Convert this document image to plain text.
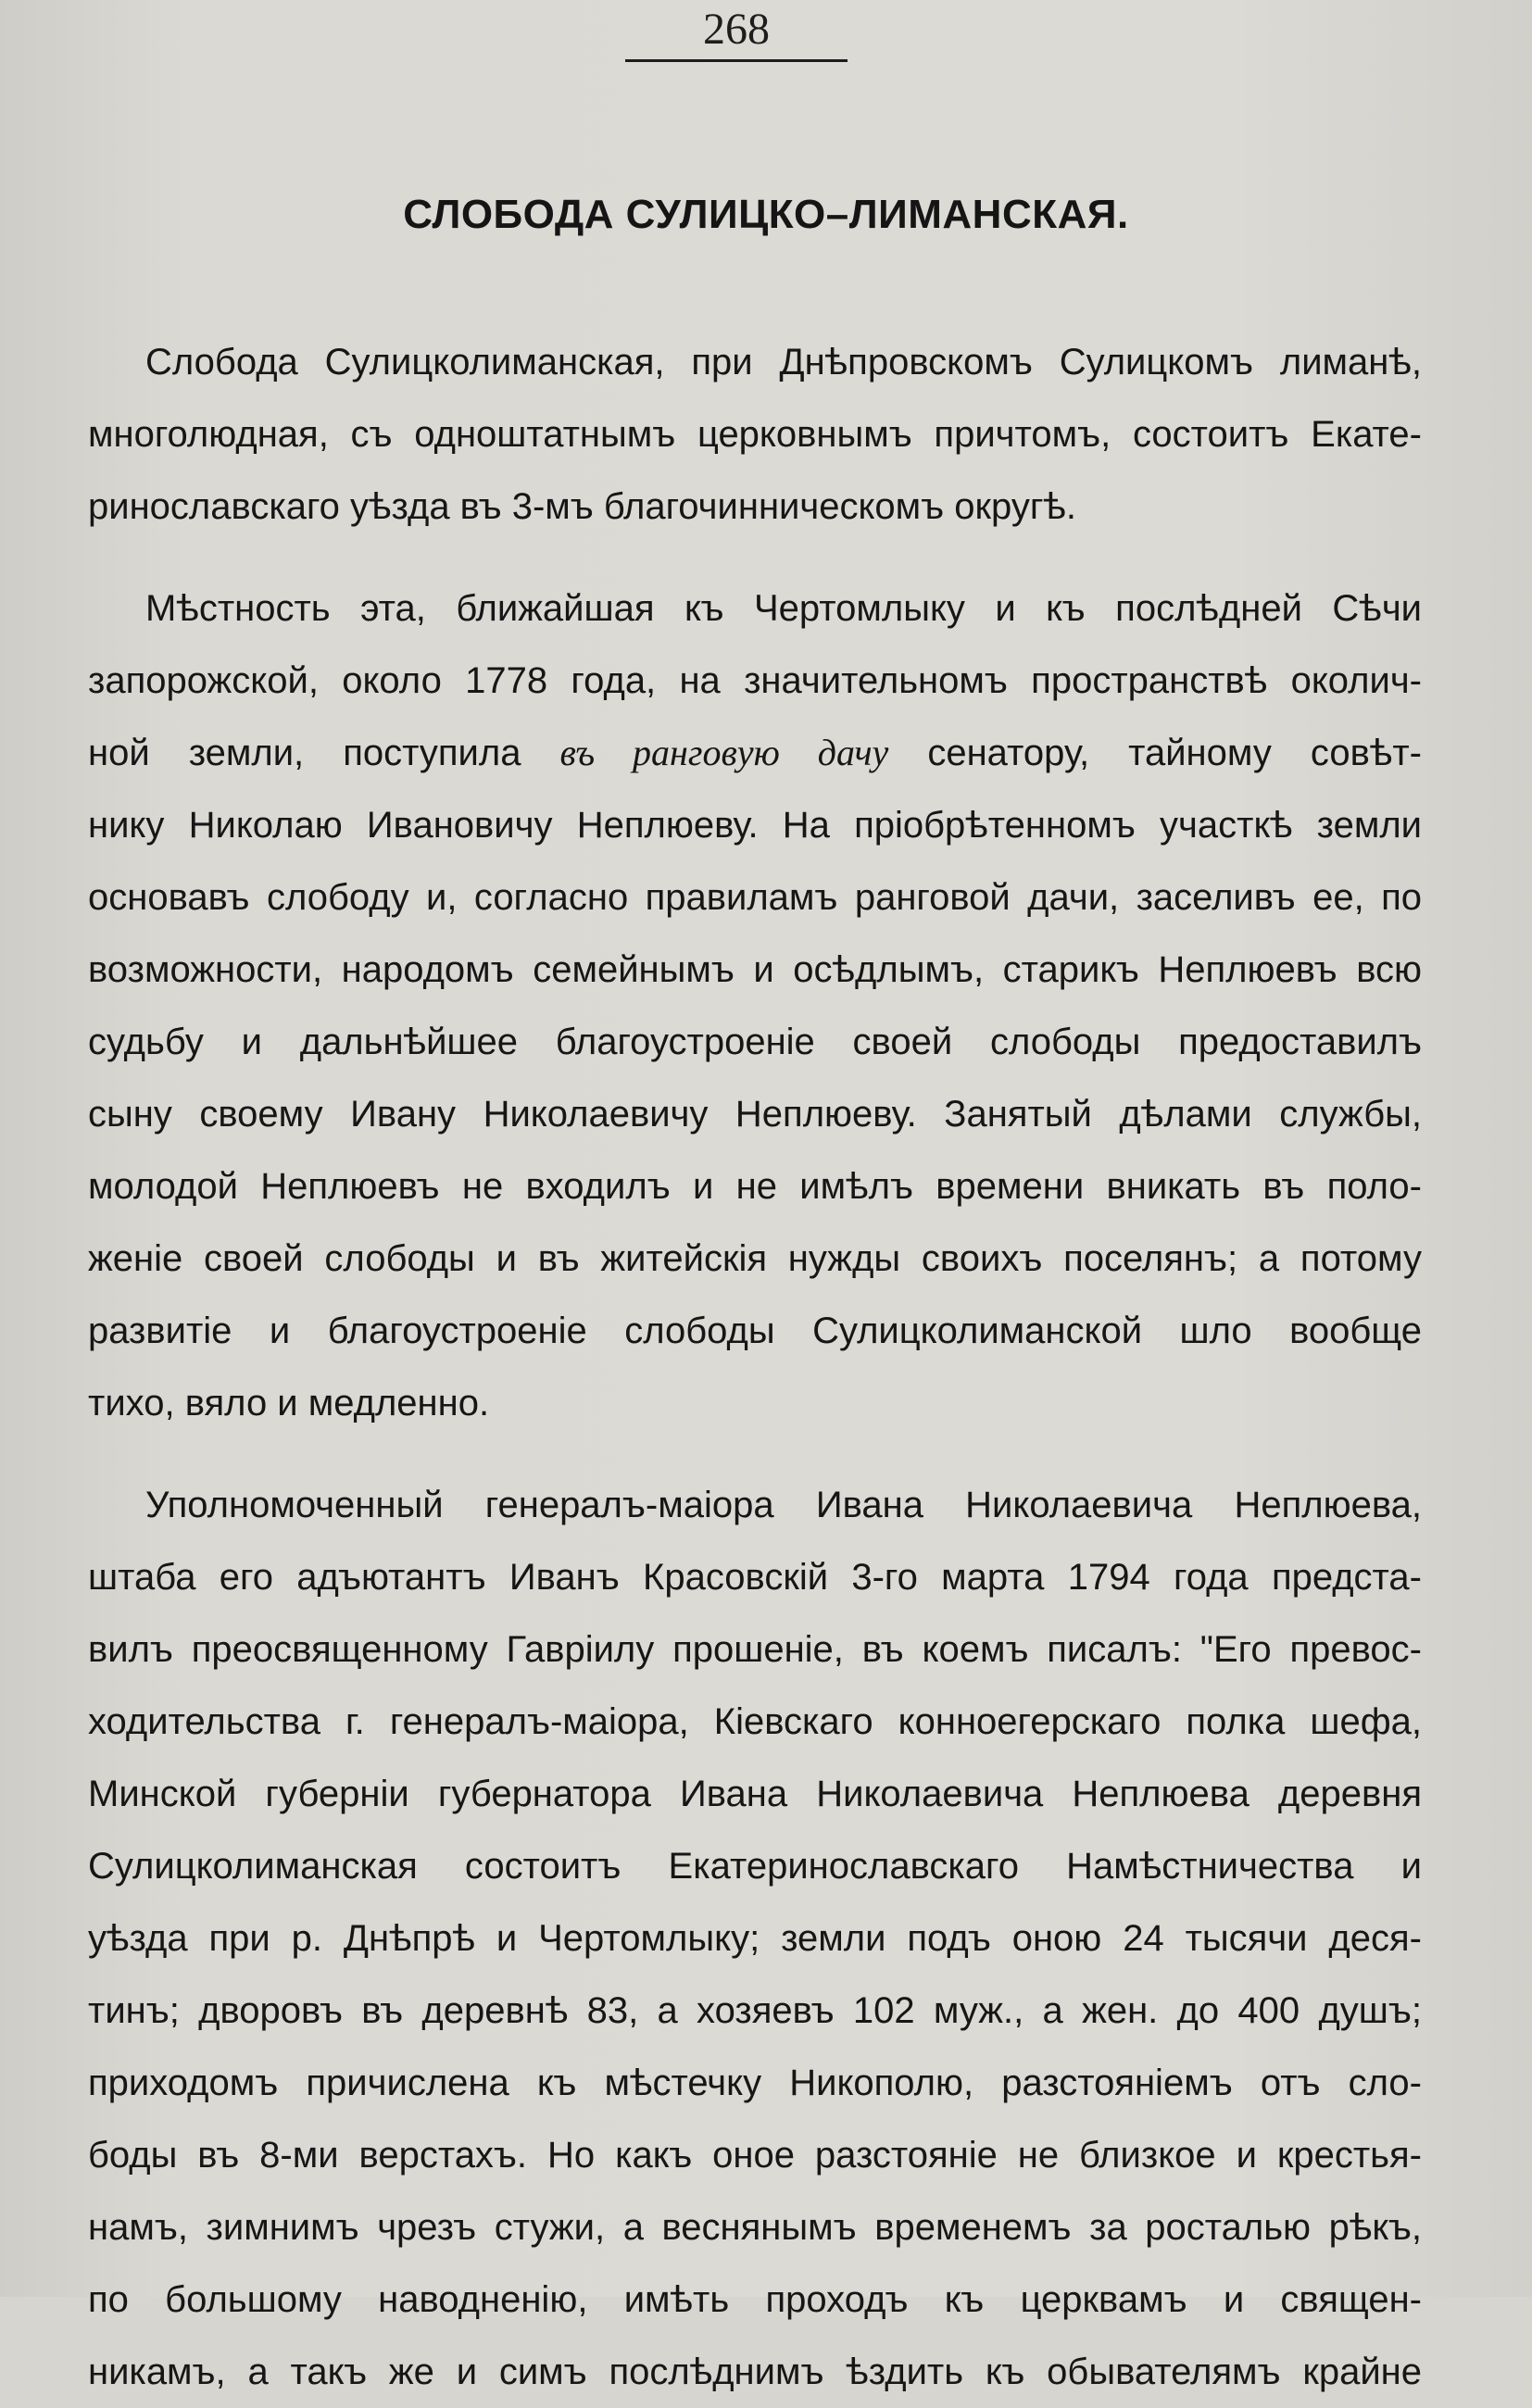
268
СЛОБОДА СУЛИЦКО–ЛИМАНСКАЯ.
Слобода Сулицколиманская, при Днѣпровскомъ Сулицкомъ лиманѣ,
многолюдная, съ одноштатнымъ церковнымъ причтомъ, состоитъ Екате-
ринославскаго уѣзда въ 3-мъ благочинническомъ округѣ.
Мѣстность эта, ближайшая къ Чертомлыку и къ послѣдней Сѣчи
запорожской, около 1778 года, на значительномъ пространствѣ околич-
ной земли, поступила въ ранговую дачу сенатору, тайному совѣт-
нику Николаю Ивановичу Неплюеву. На пріобрѣтенномъ участкѣ земли
основавъ слободу и, согласно правиламъ ранговой дачи, заселивъ ее, по
возможности, народомъ семейнымъ и осѣдлымъ, старикъ Неплюевъ всю
судьбу и дальнѣйшее благоустроеніе своей слободы предоставилъ
сыну своему Ивану Николаевичу Неплюеву. Занятый дѣлами службы,
молодой Неплюевъ не входилъ и не имѣлъ времени вникать въ поло-
женіе своей слободы и въ житейскія нужды своихъ поселянъ; а потому
развитіе и благоустроеніе слободы Сулицколиманской шло вообще
тихо, вяло и медленно.
Уполномоченный генералъ-маіора Ивана Николаевича Неплюева,
штаба его адъютантъ Иванъ Красовскій 3-го марта 1794 года предста-
вилъ преосвященному Гавріилу прошеніе, въ коемъ писалъ: "Его превос-
ходительства г. генералъ-маіора, Кіевскаго конноегерскаго полка шефа,
Минской губерніи губернатора Ивана Николаевича Неплюева деревня
Сулицколиманская состоитъ Екатеринославскаго Намѣстничества и
уѣзда при р. Днѣпрѣ и Чертомлыку; земли подъ оною 24 тысячи деся-
тинъ; дворовъ въ деревнѣ 83, а хозяевъ 102 муж., а жен. до 400 душъ;
приходомъ причислена къ мѣстечку Никополю, разстояніемъ отъ сло-
боды въ 8-ми верстахъ. Но какъ оное разстояніе не близкое и крестья-
намъ, зимнимъ чрезъ стужи, а веснянымъ временемъ за росталью рѣкъ,
по большому наводненію, имѣть проходъ къ церквамъ и священ-
никамъ, а такъ же и симъ послѣднимъ ѣздить къ обывателямъ крайне
